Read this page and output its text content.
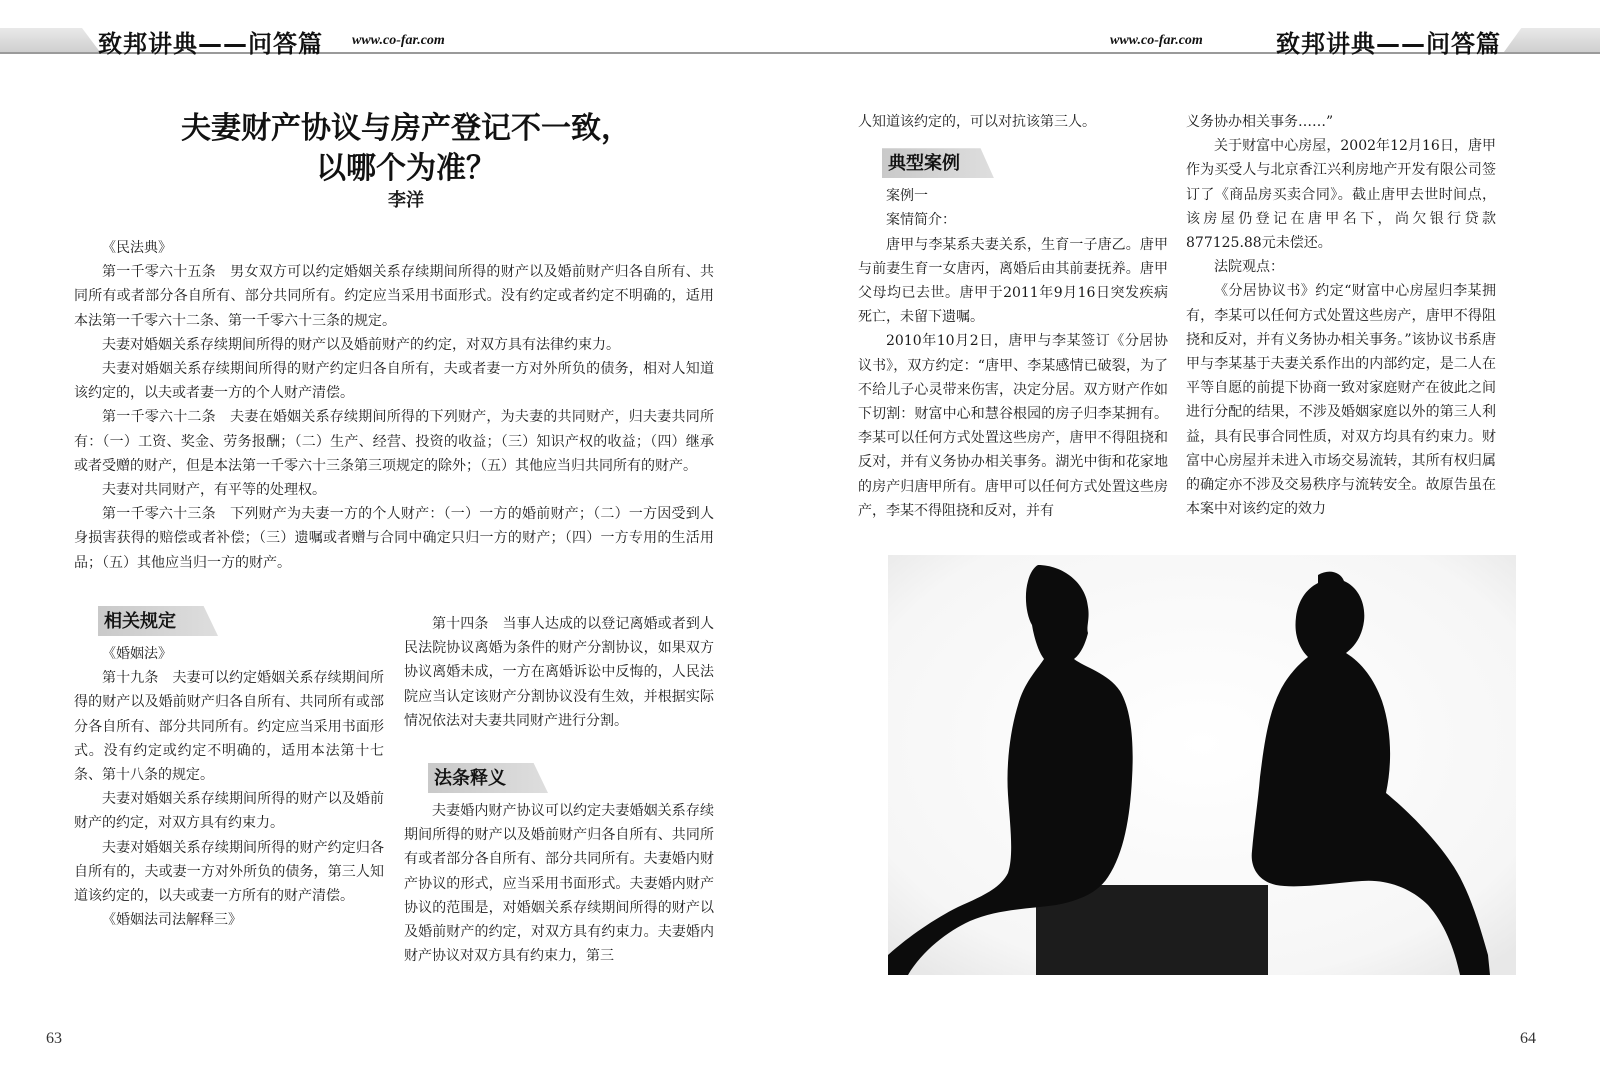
致邦讲典——问答篇 www.co-far.com
夫妻财产协议与房产登记不一致，
以哪个为准？
李洋

《民法典》

第一千零六十五条　男女双方可以约定婚姻关系存续期间所得的财产以及婚前财产归各自所有、共同所有或者部分各自所有、部分共同所有。约定应当采用书面形式。没有约定或者约定不明确的，适用本法第一千零六十二条、第一千零六十三条的规定。

夫妻对婚姻关系存续期间所得的财产以及婚前财产的约定，对双方具有法律约束力。

夫妻对婚姻关系存续期间所得的财产约定归各自所有，夫或者妻一方对外所负的债务，相对人知道该约定的，以夫或者妻一方的个人财产清偿。

第一千零六十二条　夫妻在婚姻关系存续期间所得的下列财产，为夫妻的共同财产，归夫妻共同所有：（一）工资、奖金、劳务报酬；（二）生产、经营、投资的收益；（三）知识产权的收益；（四）继承或者受赠的财产，但是本法第一千零六十三条第三项规定的除外；（五）其他应当归共同所有的财产。

夫妻对共同财产，有平等的处理权。

第一千零六十三条　下列财产为夫妻一方的个人财产：（一）一方的婚前财产；（二）一方因受到人身损害获得的赔偿或者补偿；（三）遗嘱或者赠与合同中确定只归一方的财产；（四）一方专用的生活用品；（五）其他应当归一方的财产。

相关规定

《婚姻法》

第十九条　夫妻可以约定婚姻关系存续期间所得的财产以及婚前财产归各自所有、共同所有或部分各自所有、部分共同所有。约定应当采用书面形式。没有约定或约定不明确的，适用本法第十七条、第十八条的规定。

夫妻对婚姻关系存续期间所得的财产以及婚前财产的约定，对双方具有约束力。

夫妻对婚姻关系存续期间所得的财产约定归各自所有的，夫或妻一方对外所负的债务，第三人知道该约定的，以夫或妻一方所有的财产清偿。

《婚姻法司法解释三》

第十四条　当事人达成的以登记离婚或者到人民法院协议离婚为条件的财产分割协议，如果双方协议离婚未成，一方在离婚诉讼中反悔的，人民法院应当认定该财产分割协议没有生效，并根据实际情况依法对夫妻共同财产进行分割。

法条释义

夫妻婚内财产协议可以约定夫妻婚姻关系存续期间所得的财产以及婚前财产归各自所有、共同所有或者部分各自所有、部分共同所有。夫妻婚内财产协议的形式，应当采用书面形式。夫妻婚内财产协议的范围是，对婚姻关系存续期间所得的财产以及婚前财产的约定，对双方具有约束力。夫妻婚内财产协议对双方具有约束力，第三

63
www.co-far.com	致邦讲典——问答篇

人知道该约定的，可以对抗该第三人。

典型案例

案例一

案情简介：

唐甲与李某系夫妻关系，生育一子唐乙。唐甲与前妻生育一女唐丙，离婚后由其前妻抚养。唐甲父母均已去世。唐甲于2011年9月16日突发疾病死亡，未留下遗嘱。

2010年10月2日，唐甲与李某签订《分居协议书》，双方约定：“唐甲、李某感情已破裂，为了不给儿子心灵带来伤害，决定分居。双方财产作如下切割：财富中心和慧谷根园的房子归李某拥有。李某可以任何方式处置这些房产，唐甲不得阻挠和反对，并有义务协办相关事务。湖光中街和花家地的房产归唐甲所有。唐甲可以任何方式处置这些房产，李某不得阻挠和反对，并有

义务协办相关事务……”

关于财富中心房屋，2002年12月16日，唐甲作为买受人与北京香江兴利房地产开发有限公司签订了《商品房买卖合同》。截止唐甲去世时间点，该房屋仍登记在唐甲名下，尚欠银行贷款877125.88元未偿还。

法院观点：

《分居协议书》约定“财富中心房屋归李某拥有，李某可以任何方式处置这些房产，唐甲不得阻挠和反对，并有义务协办相关事务。”该协议书系唐甲与李某基于夫妻关系作出的内部约定，是二人在平等自愿的前提下协商一致对家庭财产在彼此之间进行分配的结果，不涉及婚姻家庭以外的第三人利益，具有民事合同性质，对双方均具有约束力。财富中心房屋并未进入市场交易流转，其所有权归属的确定亦不涉及交易秩序与流转安全。故原告虽在本案中对该约定的效力

64
